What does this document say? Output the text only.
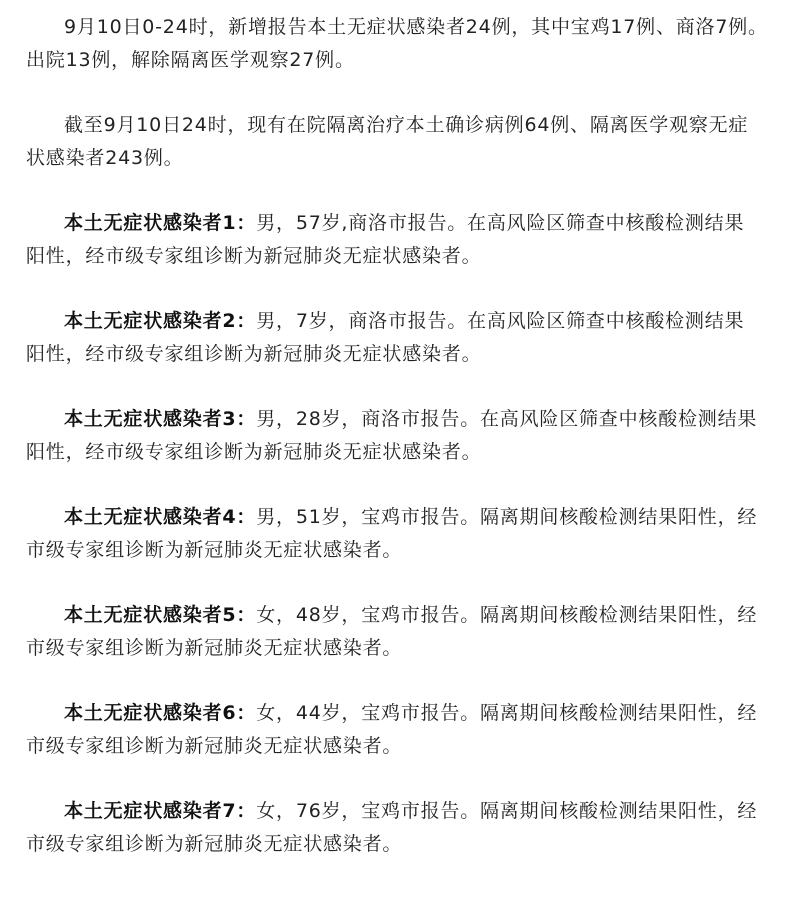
9月10日0-24时，新增报告本土无症状感染者24例，其中宝鸡17例、商洛7例。
出院13例，解除隔离医学观察27例。

截至9月10日24时，现有在院隔离治疗本土确诊病例64例、隔离医学观察无症
状感染者243例。

本土无症状感染者1：男，57岁,商洛市报告。在高风险区筛查中核酸检测结果
阳性，经市级专家组诊断为新冠肺炎无症状感染者。

本土无症状感染者2：男，7岁，商洛市报告。在高风险区筛查中核酸检测结果
阳性，经市级专家组诊断为新冠肺炎无症状感染者。

本土无症状感染者3：男，28岁，商洛市报告。在高风险区筛查中核酸检测结果
阳性，经市级专家组诊断为新冠肺炎无症状感染者。

本土无症状感染者4：男，51岁，宝鸡市报告。隔离期间核酸检测结果阳性，经
市级专家组诊断为新冠肺炎无症状感染者。

本土无症状感染者5：女，48岁，宝鸡市报告。隔离期间核酸检测结果阳性，经
市级专家组诊断为新冠肺炎无症状感染者。

本土无症状感染者6：女，44岁，宝鸡市报告。隔离期间核酸检测结果阳性，经
市级专家组诊断为新冠肺炎无症状感染者。

本土无症状感染者7：女，76岁，宝鸡市报告。隔离期间核酸检测结果阳性，经
市级专家组诊断为新冠肺炎无症状感染者。
